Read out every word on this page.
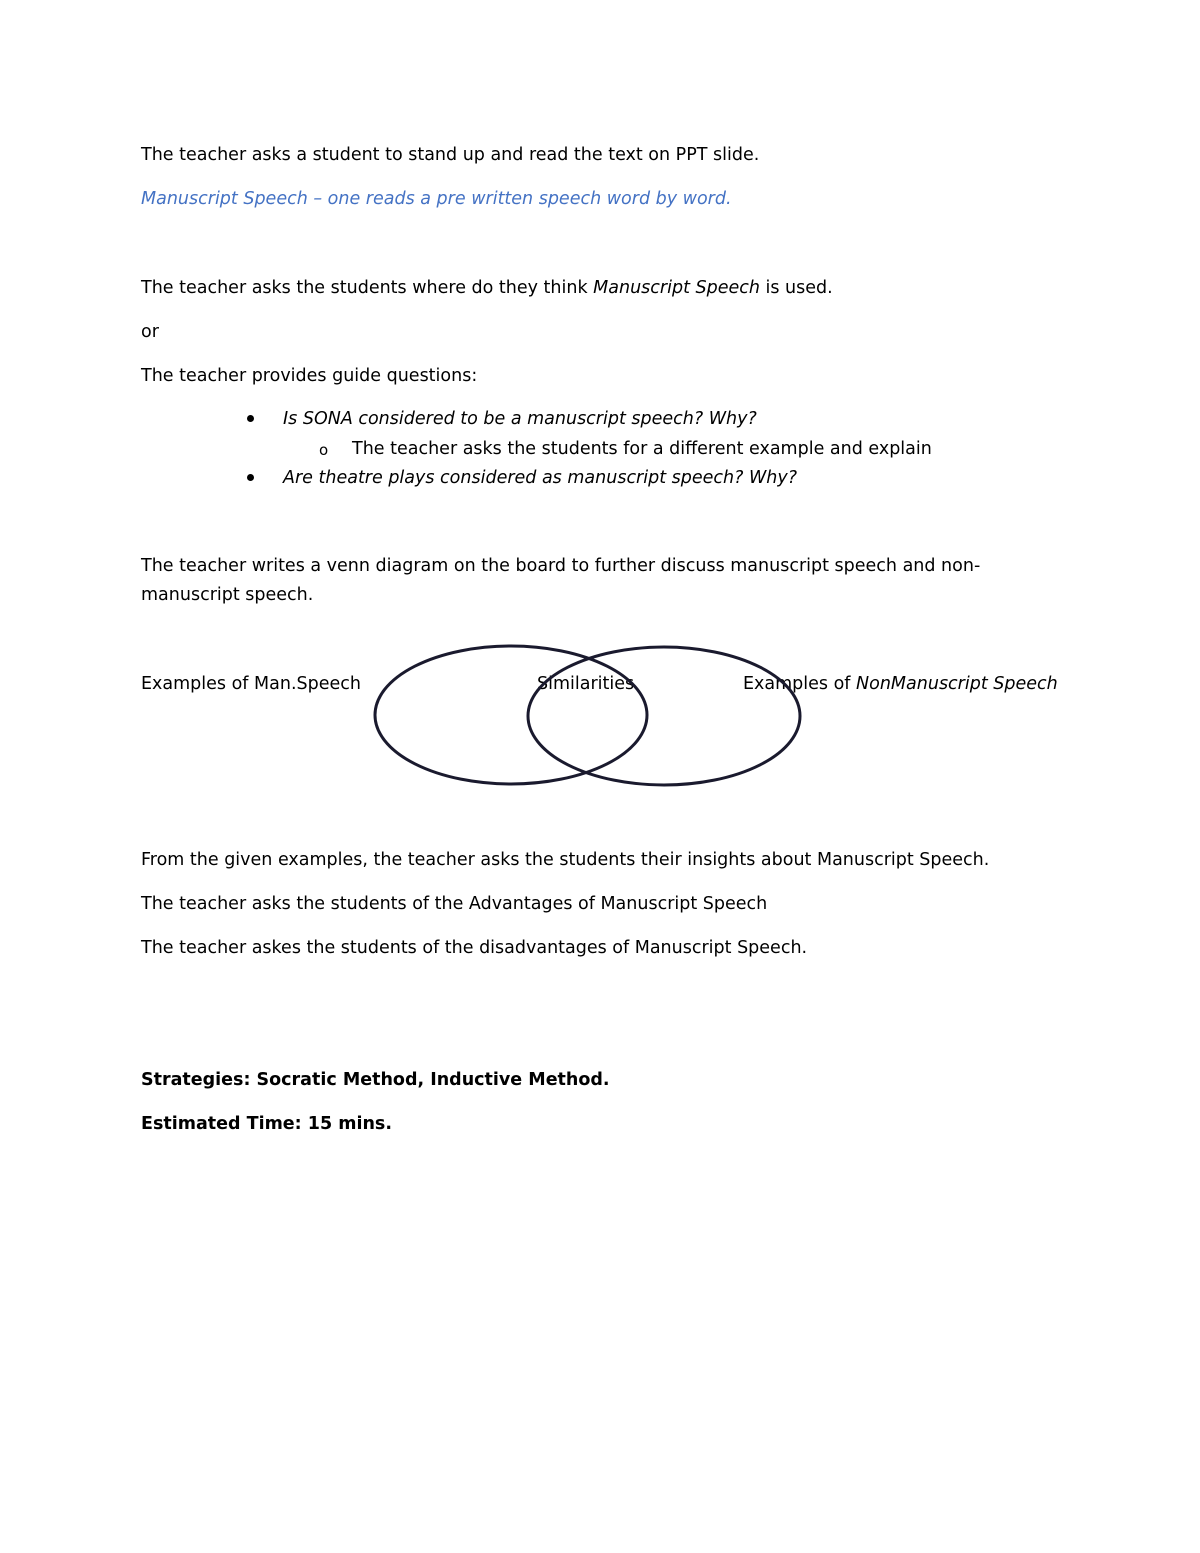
The teacher asks a student to stand up and read the text on PPT slide.
Manuscript Speech – one reads a pre written speech word by word.
The teacher asks the students where do they think Manuscript Speech is used.
or
The teacher provides guide questions:
Is SONA considered to be a manuscript speech? Why?
o The teacher asks the students for a different example and explain
Are theatre plays considered as manuscript speech? Why?
The teacher writes a venn diagram on the board to further discuss manuscript speech and non-
manuscript speech.
Examples of Man.Speech	Similarities	Examples of NonManuscript Speech
From the given examples, the teacher asks the students their insights about Manuscript Speech.
The teacher asks the students of the Advantages of Manuscript Speech
The teacher askes the students of the disadvantages of Manuscript Speech.
Strategies: Socratic Method, Inductive Method.
Estimated Time: 15 mins.
